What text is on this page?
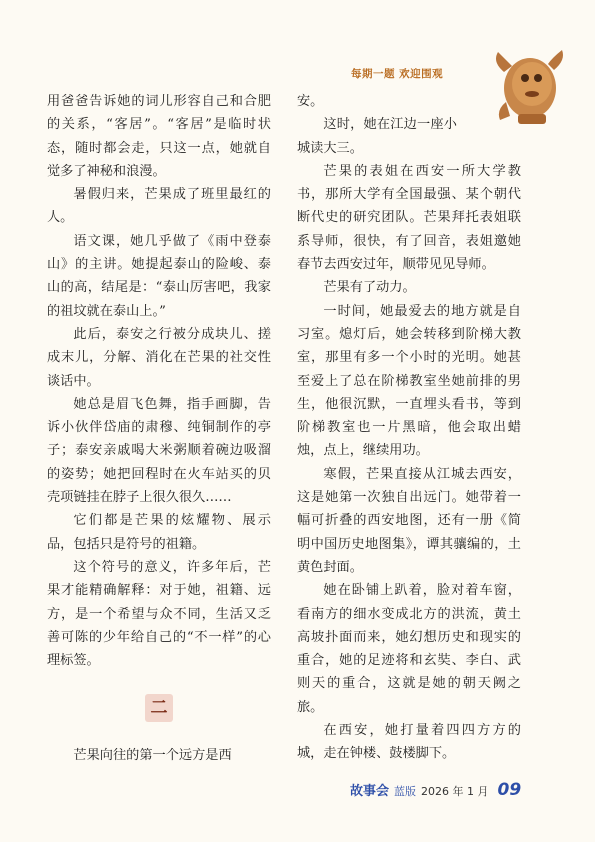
每期一题 欢迎围观

用爸爸告诉她的词儿形容自己和合肥的关系，“客居”。“客居”是临时状态，随时都会走，只这一点，她就自觉多了神秘和浪漫。

暑假归来，芒果成了班里最红的人。

语文课，她几乎做了《雨中登泰山》的主讲。她提起泰山的险峻、泰山的高，结尾是：“泰山厉害吧，我家的祖坟就在泰山上。”

此后，泰安之行被分成块儿、搓成末儿，分解、消化在芒果的社交性谈话中。

她总是眉飞色舞，指手画脚，告诉小伙伴岱庙的肃穆、纯铜制作的亭子；泰安亲戚喝大米粥顺着碗边吸溜的姿势；她把回程时在火车站买的贝壳项链挂在脖子上很久很久……

它们都是芒果的炫耀物、展示品，包括只是符号的祖籍。

这个符号的意义，许多年后，芒果才能精确解释：对于她，祖籍、远方，是一个希望与众不同，生活又乏善可陈的少年给自己的“不一样”的心理标签。

二

芒果向往的第一个远方是西

安。

这时，她在江边一座小城读大三。

芒果的表姐在西安一所大学教书，那所大学有全国最强、某个朝代断代史的研究团队。芒果拜托表姐联系导师，很快，有了回音，表姐邀她春节去西安过年，顺带见见导师。

芒果有了动力。

一时间，她最爱去的地方就是自习室。熄灯后，她会转移到阶梯大教室，那里有多一个小时的光明。她甚至爱上了总在阶梯教室坐她前排的男生，他很沉默，一直埋头看书，等到阶梯教室也一片黑暗，他会取出蜡烛，点上，继续用功。

寒假，芒果直接从江城去西安，这是她第一次独自出远门。她带着一幅可折叠的西安地图，还有一册《简明中国历史地图集》，谭其骧编的，土黄色封面。

她在卧铺上趴着，脸对着车窗，看南方的细水变成北方的洪流，黄土高坡扑面而来，她幻想历史和现实的重合，她的足迹将和玄奘、李白、武则天的重合，这就是她的朝天阙之旅。

在西安，她打量着四四方方的城，走在钟楼、鼓楼脚下。

故事会 蓝版 2026 年 1 月 09
